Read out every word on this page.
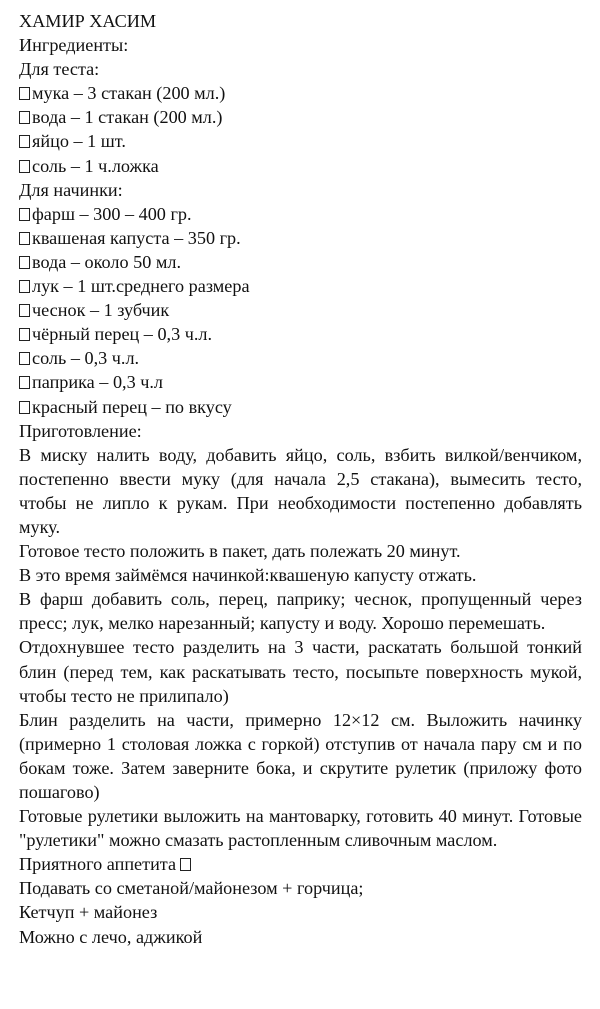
ХАМИР ХАСИМ
Ингредиенты:
Для теста:
мука – 3 стакан (200 мл.)
вода – 1 стакан (200 мл.)
яйцо – 1 шт.
соль – 1 ч.ложка
Для начинки:
фарш – 300 – 400 гр.
квашеная капуста – 350 гр.
вода – около 50 мл.
лук – 1 шт.среднего размера
чеснок – 1 зубчик
чёрный перец – 0,3 ч.л.
соль – 0,3 ч.л.
паприка – 0,3 ч.л
красный перец – по вкусу
Приготовление:
В миску налить воду, добавить яйцо, соль, взбить вилкой/венчиком, постепенно ввести муку (для начала 2,5 стакана), вымесить тесто, чтобы не липло к рукам. При необходимости постепенно добавлять муку.
Готовое тесто положить в пакет, дать полежать 20 минут.
В это время займёмся начинкой:квашеную капусту отжать.
В фарш добавить соль, перец, паприку; чеснок, пропущенный через пресс; лук, мелко нарезанный; капусту и воду. Хорошо перемешать.
Отдохнувшее тесто разделить на 3 части, раскатать большой тонкий блин (перед тем, как раскатывать тесто, посыпьте поверхность мукой, чтобы тесто не прилипало)
Блин разделить на части, примерно 12×12 см. Выложить начинку (примерно 1 столовая ложка с горкой) отступив от начала пару см и по бокам тоже. Затем заверните бока, и скрутите рулетик (приложу фото пошагово)
Готовые рулетики выложить на мантоварку, готовить 40 минут. Готовые "рулетики" можно смазать растопленным сливочным маслом.
Приятного аппетита
Подавать со сметаной/майонезом + горчица;
Кетчуп + майонез
Можно с лечо, аджикой
